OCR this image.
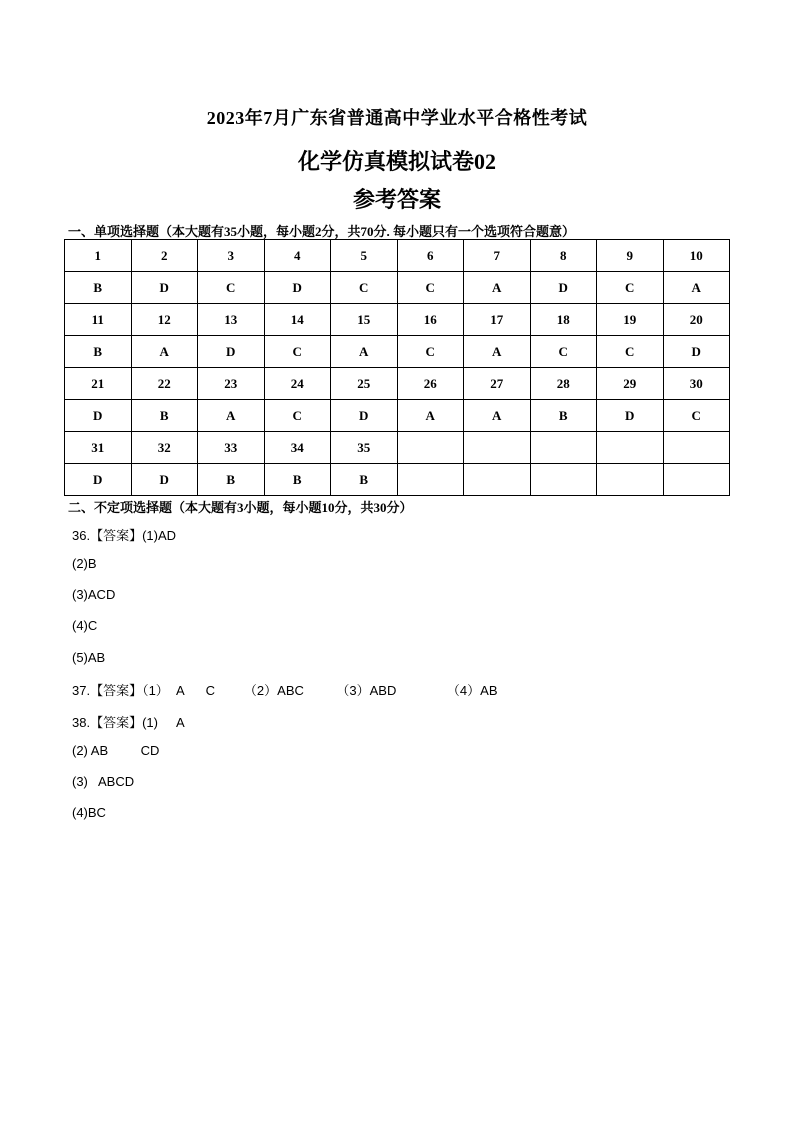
2023年7月广东省普通高中学业水平合格性考试
化学仿真模拟试卷02
参考答案
一、单项选择题（本大题有35小题，每小题2分，共70分. 每小题只有一个选项符合题意）
1	2	3	4	5	6	7	8	9	10
B	D	C	D	C	C	A	D	C	A
11	12	13	14	15	16	17	18	19	20
B	A	D	C	A	C	A	C	C	D
21	22	23	24	25	26	27	28	29	30
D	B	A	C	D	A	A	B	D	C
31	32	33	34	35					
D	D	B	B	B					
二、不定项选择题（本大题有3小题，每小题10分，共30分）
36.【答案】(1)AD
(2)B
(3)ACD
(4)C
(5)AB
37.【答案】（1）  A      C        （2）ABC         （3）ABD              （4）AB
38.【答案】(1)     A
(2) AB         CD
(3)   ABCD
(4)BC
